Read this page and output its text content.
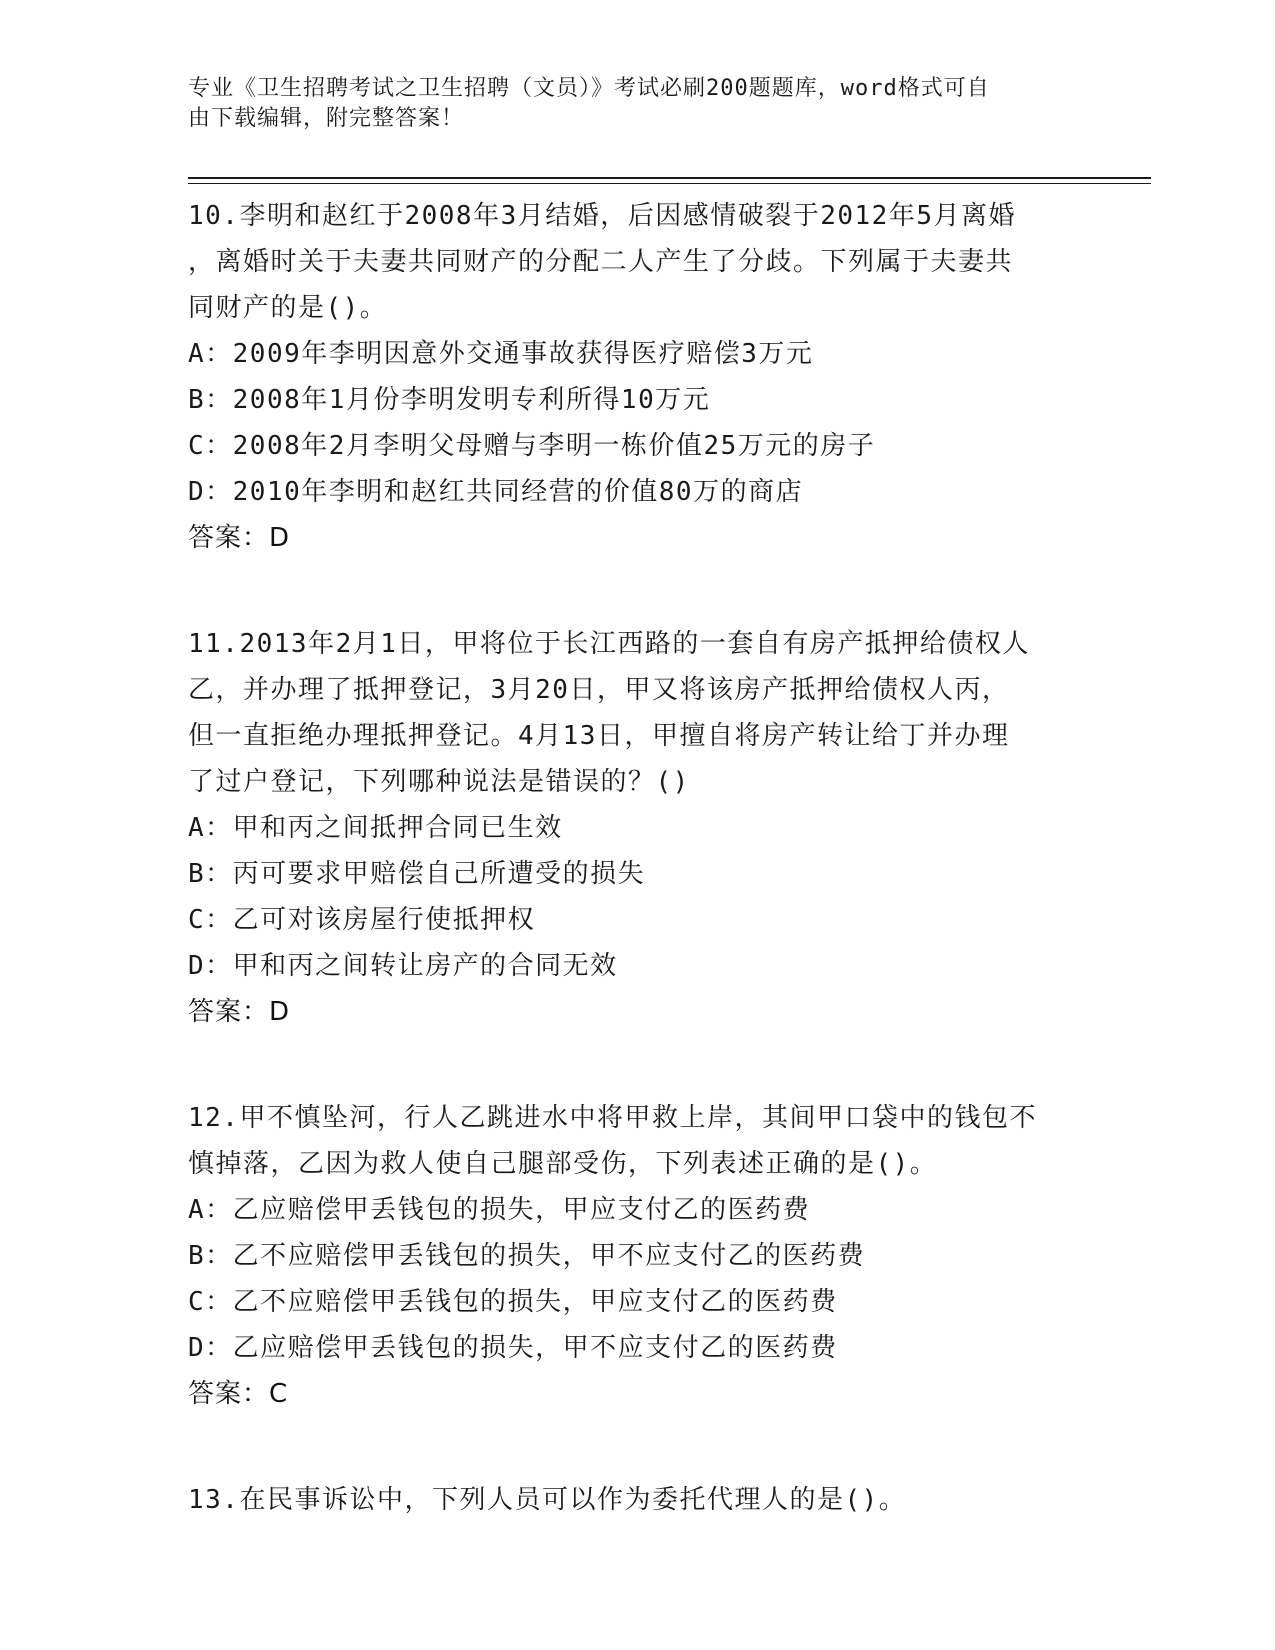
专业《卫生招聘考试之卫生招聘（文员）》考试必刷200题题库，word格式可自
由下载编辑，附完整答案！
10.李明和赵红于2008年3月结婚，后因感情破裂于2012年5月离婚
，离婚时关于夫妻共同财产的分配二人产生了分歧。下列属于夫妻共
同财产的是()。
A：2009年李明因意外交通事故获得医疗赔偿3万元
B：2008年1月份李明发明专利所得10万元
C：2008年2月李明父母赠与李明一栋价值25万元的房子
D：2010年李明和赵红共同经营的价值80万的商店
答案：D
11.2013年2月1日，甲将位于长江西路的一套自有房产抵押给债权人
乙，并办理了抵押登记，3月20日，甲又将该房产抵押给债权人丙，
但一直拒绝办理抵押登记。4月13日，甲擅自将房产转让给丁并办理
了过户登记，下列哪种说法是错误的？()
A：甲和丙之间抵押合同已生效
B：丙可要求甲赔偿自己所遭受的损失
C：乙可对该房屋行使抵押权
D：甲和丙之间转让房产的合同无效
答案：D
12.甲不慎坠河，行人乙跳进水中将甲救上岸，其间甲口袋中的钱包不
慎掉落，乙因为救人使自己腿部受伤，下列表述正确的是()。
A：乙应赔偿甲丢钱包的损失，甲应支付乙的医药费
B：乙不应赔偿甲丢钱包的损失，甲不应支付乙的医药费
C：乙不应赔偿甲丢钱包的损失，甲应支付乙的医药费
D：乙应赔偿甲丢钱包的损失，甲不应支付乙的医药费
答案：C
13.在民事诉讼中，下列人员可以作为委托代理人的是()。
